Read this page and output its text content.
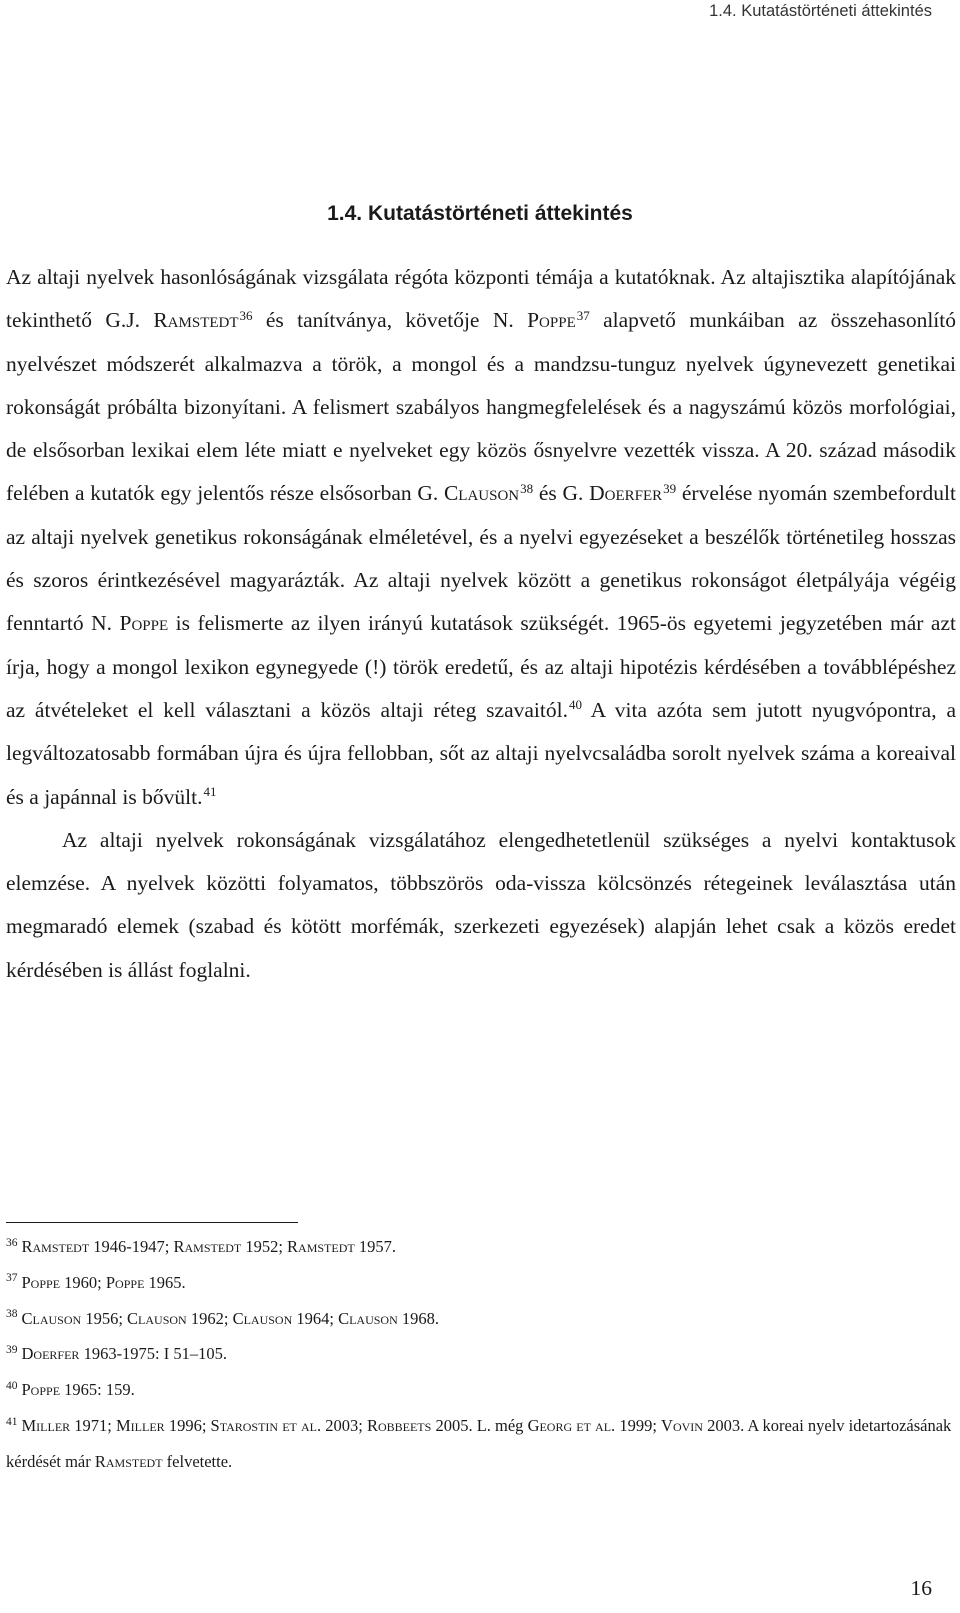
1.4. Kutatástörténeti áttekintés
1.4. Kutatástörténeti áttekintés

Az altaji nyelvek hasonlóságának vizsgálata régóta központi témája a kutatóknak. Az altajisztika alapítójának tekinthető G.J. Ramstedt$^{36}$ és tanítványa, követője N. Poppe$^{37}$ alapvető munkáiban az összehasonlító nyelvészet módszerét alkalmazva a török, a mongol és a mandzsu-tunguz nyelvek úgynevezett genetikai rokonságát próbálta bizonyítani. A felismert szabályos hangmegfelelések és a nagyszámú közös morfológiai, de elsősorban lexikai elem léte miatt e nyelveket egy közös ősnyelvre vezették vissza. A 20. század második felében a kutatók egy jelentős része elsősorban G. Clauson$^{38}$ és G. Doerfer$^{39}$ érvelése nyomán szembefordult az altaji nyelvek genetikus rokonságának elméletével, és a nyelvi egyezéseket a beszélők történetileg hosszas és szoros érintkezésével magyarázták. Az altaji nyelvek között a genetikus rokonságot életpályája végéig fenntartó N. Poppe is felismerte az ilyen irányú kutatások szükségét. 1965-ös egyetemi jegyzetében már azt írja, hogy a mongol lexikon egynegyede (!) török eredetű, és az altaji hipotézis kérdésében a továbblépéshez az átvételeket el kell választani a közös altaji réteg szavaitól.$^{40}$ A vita azóta sem jutott nyugvópontra, a legváltozatosabb formában újra és újra fellobban, sőt az altaji nyelvcsaládba sorolt nyelvek száma a koreaival és a japánnal is bővült.$^{41}$

Az altaji nyelvek rokonságának vizsgálatához elengedhetetlenül szükséges a nyelvi kontaktusok elemzése. A nyelvek közötti folyamatos, többszörös oda-vissza kölcsönzés rétegeinek leválasztása után megmaradó elemek (szabad és kötött morfémák, szerkezeti egyezések) alapján lehet csak a közös eredet kérdésében is állást foglalni.

$^{36}$ Ramstedt 1946-1947; Ramstedt 1952; Ramstedt 1957.

$^{37}$ Poppe 1960; Poppe 1965.

$^{38}$ Clauson 1956; Clauson 1962; Clauson 1964; Clauson 1968.

$^{39}$ Doerfer 1963-1975: I 51–105.

$^{40}$ Poppe 1965: 159.

$^{41}$ Miller 1971; Miller 1996; Starostin et al. 2003; Robbeets 2005. L. még Georg et al. 1999; Vovin 2003. A koreai nyelv idetartozásának kérdését már Ramstedt felvetette.

16
